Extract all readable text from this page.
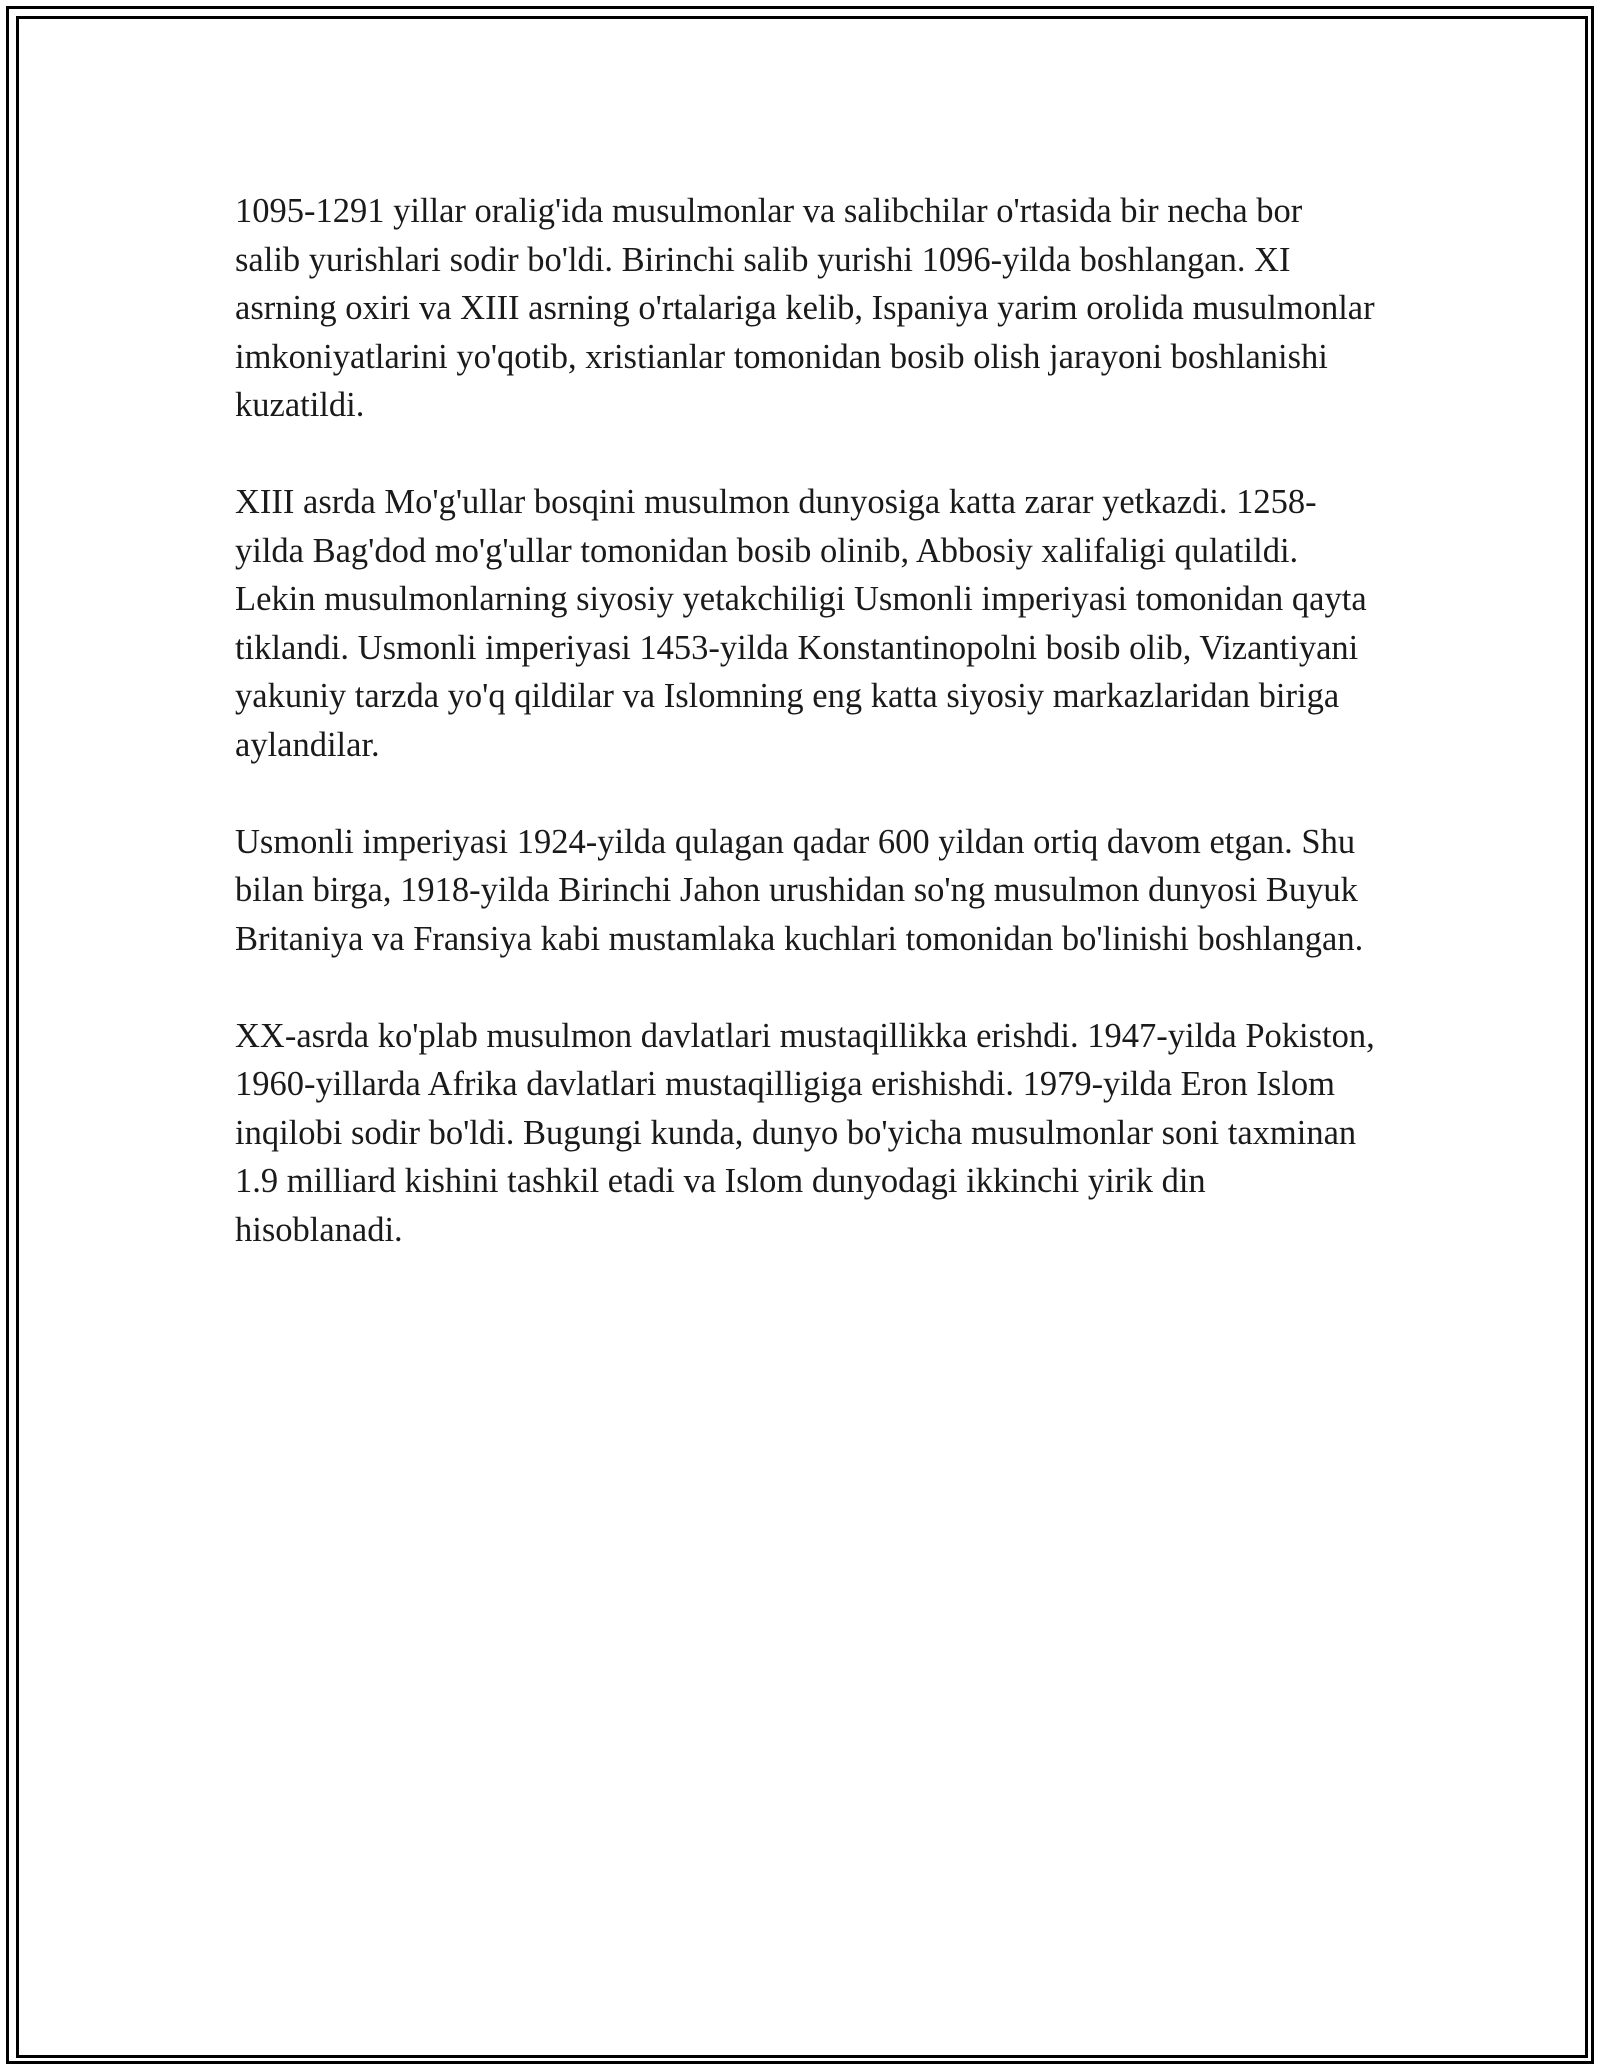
1095-1291 yillar oralig'ida musulmonlar va salibchilar o'rtasida bir necha bor salib yurishlari sodir bo'ldi. Birinchi salib yurishi 1096-yilda boshlangan. XI asrning oxiri va XIII asrning o'rtalariga kelib, Ispaniya yarim orolida musulmonlar imkoniyatlarini yo'qotib, xristianlar tomonidan bosib olish jarayoni boshlanishi kuzatildi.

XIII asrda Mo'g'ullar bosqini musulmon dunyosiga katta zarar yetkazdi. 1258-yilda Bag'dod mo'g'ullar tomonidan bosib olinib, Abbosiy xalifaligi qulatildi. Lekin musulmonlarning siyosiy yetakchiligi Usmonli imperiyasi tomonidan qayta tiklandi. Usmonli imperiyasi 1453-yilda Konstantinopolni bosib olib, Vizantiyani yakuniy tarzda yo'q qildilar va Islomning eng katta siyosiy markazlaridan biriga aylandilar.

Usmonli imperiyasi 1924-yilda qulagan qadar 600 yildan ortiq davom etgan. Shu bilan birga, 1918-yilda Birinchi Jahon urushidan so'ng musulmon dunyosi Buyuk Britaniya va Fransiya kabi mustamlaka kuchlari tomonidan bo'linishi boshlangan.

XX-asrda ko'plab musulmon davlatlari mustaqillikka erishdi. 1947-yilda Pokiston, 1960-yillarda Afrika davlatlari mustaqilligiga erishishdi. 1979-yilda Eron Islom inqilobi sodir bo'ldi. Bugungi kunda, dunyo bo'yicha musulmonlar soni taxminan 1.9 milliard kishini tashkil etadi va Islom dunyodagi ikkinchi yirik din hisoblanadi.
